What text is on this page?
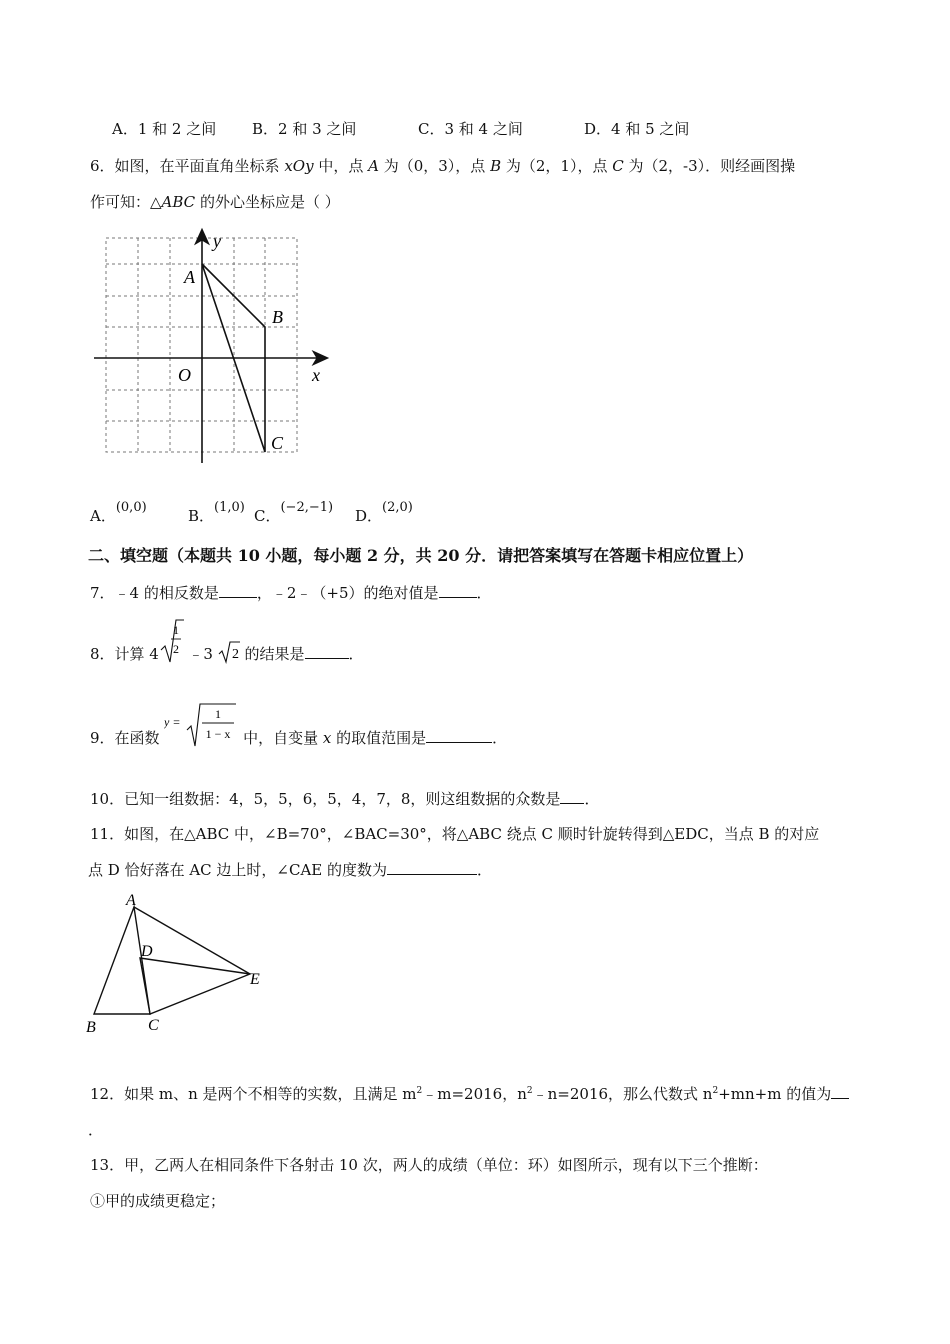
A．1 和 2 之间 B．2 和 3 之间	C．3 和 4 之间	D．4 和 5 之间
6．如图，在平面直角坐标系 xOy 中，点 A 为（0，3），点 B 为（2，1），点 C 为（2，-3）．则经画图操
作可知：△ABC 的外心坐标应是（ ）
y
x
O
A
B
C
A．(0,0)	B．(1,0) C．(−2,−1) D．(2,0)
二、填空题（本题共 10 小题，每小题 2 分，共 20 分．请把答案填写在答题卡相应位置上）
7．﹣4 的相反数是	，﹣2﹣（+5）的绝对值是	．
8．计算 4
1
2 ﹣3 2 的结果是	．
9．在函数
y =
1
1 − x 中，自变量 x 的取值范围是	．
10．已知一组数据：4，5，5，6，5，4，7，8，则这组数据的众数是 ．
11．如图，在△ABC 中，∠B=70°，∠BAC=30°，将△ABC 绕点 C 顺时针旋转得到△EDC，当点 B 的对应
点 D 恰好落在 AC 边上时，∠CAE 的度数为	．
A
B	C
D
E
12．如果 m、n 是两个不相等的实数，且满足 $m^2﹣m=2016$，$n^2﹣n=2016$，那么代数式 $n^2+mn+m$ 的值为
．
13．甲，乙两人在相同条件下各射击 10 次，两人的成绩（单位：环）如图所示，现有以下三个推断：
①甲的成绩更稳定；
